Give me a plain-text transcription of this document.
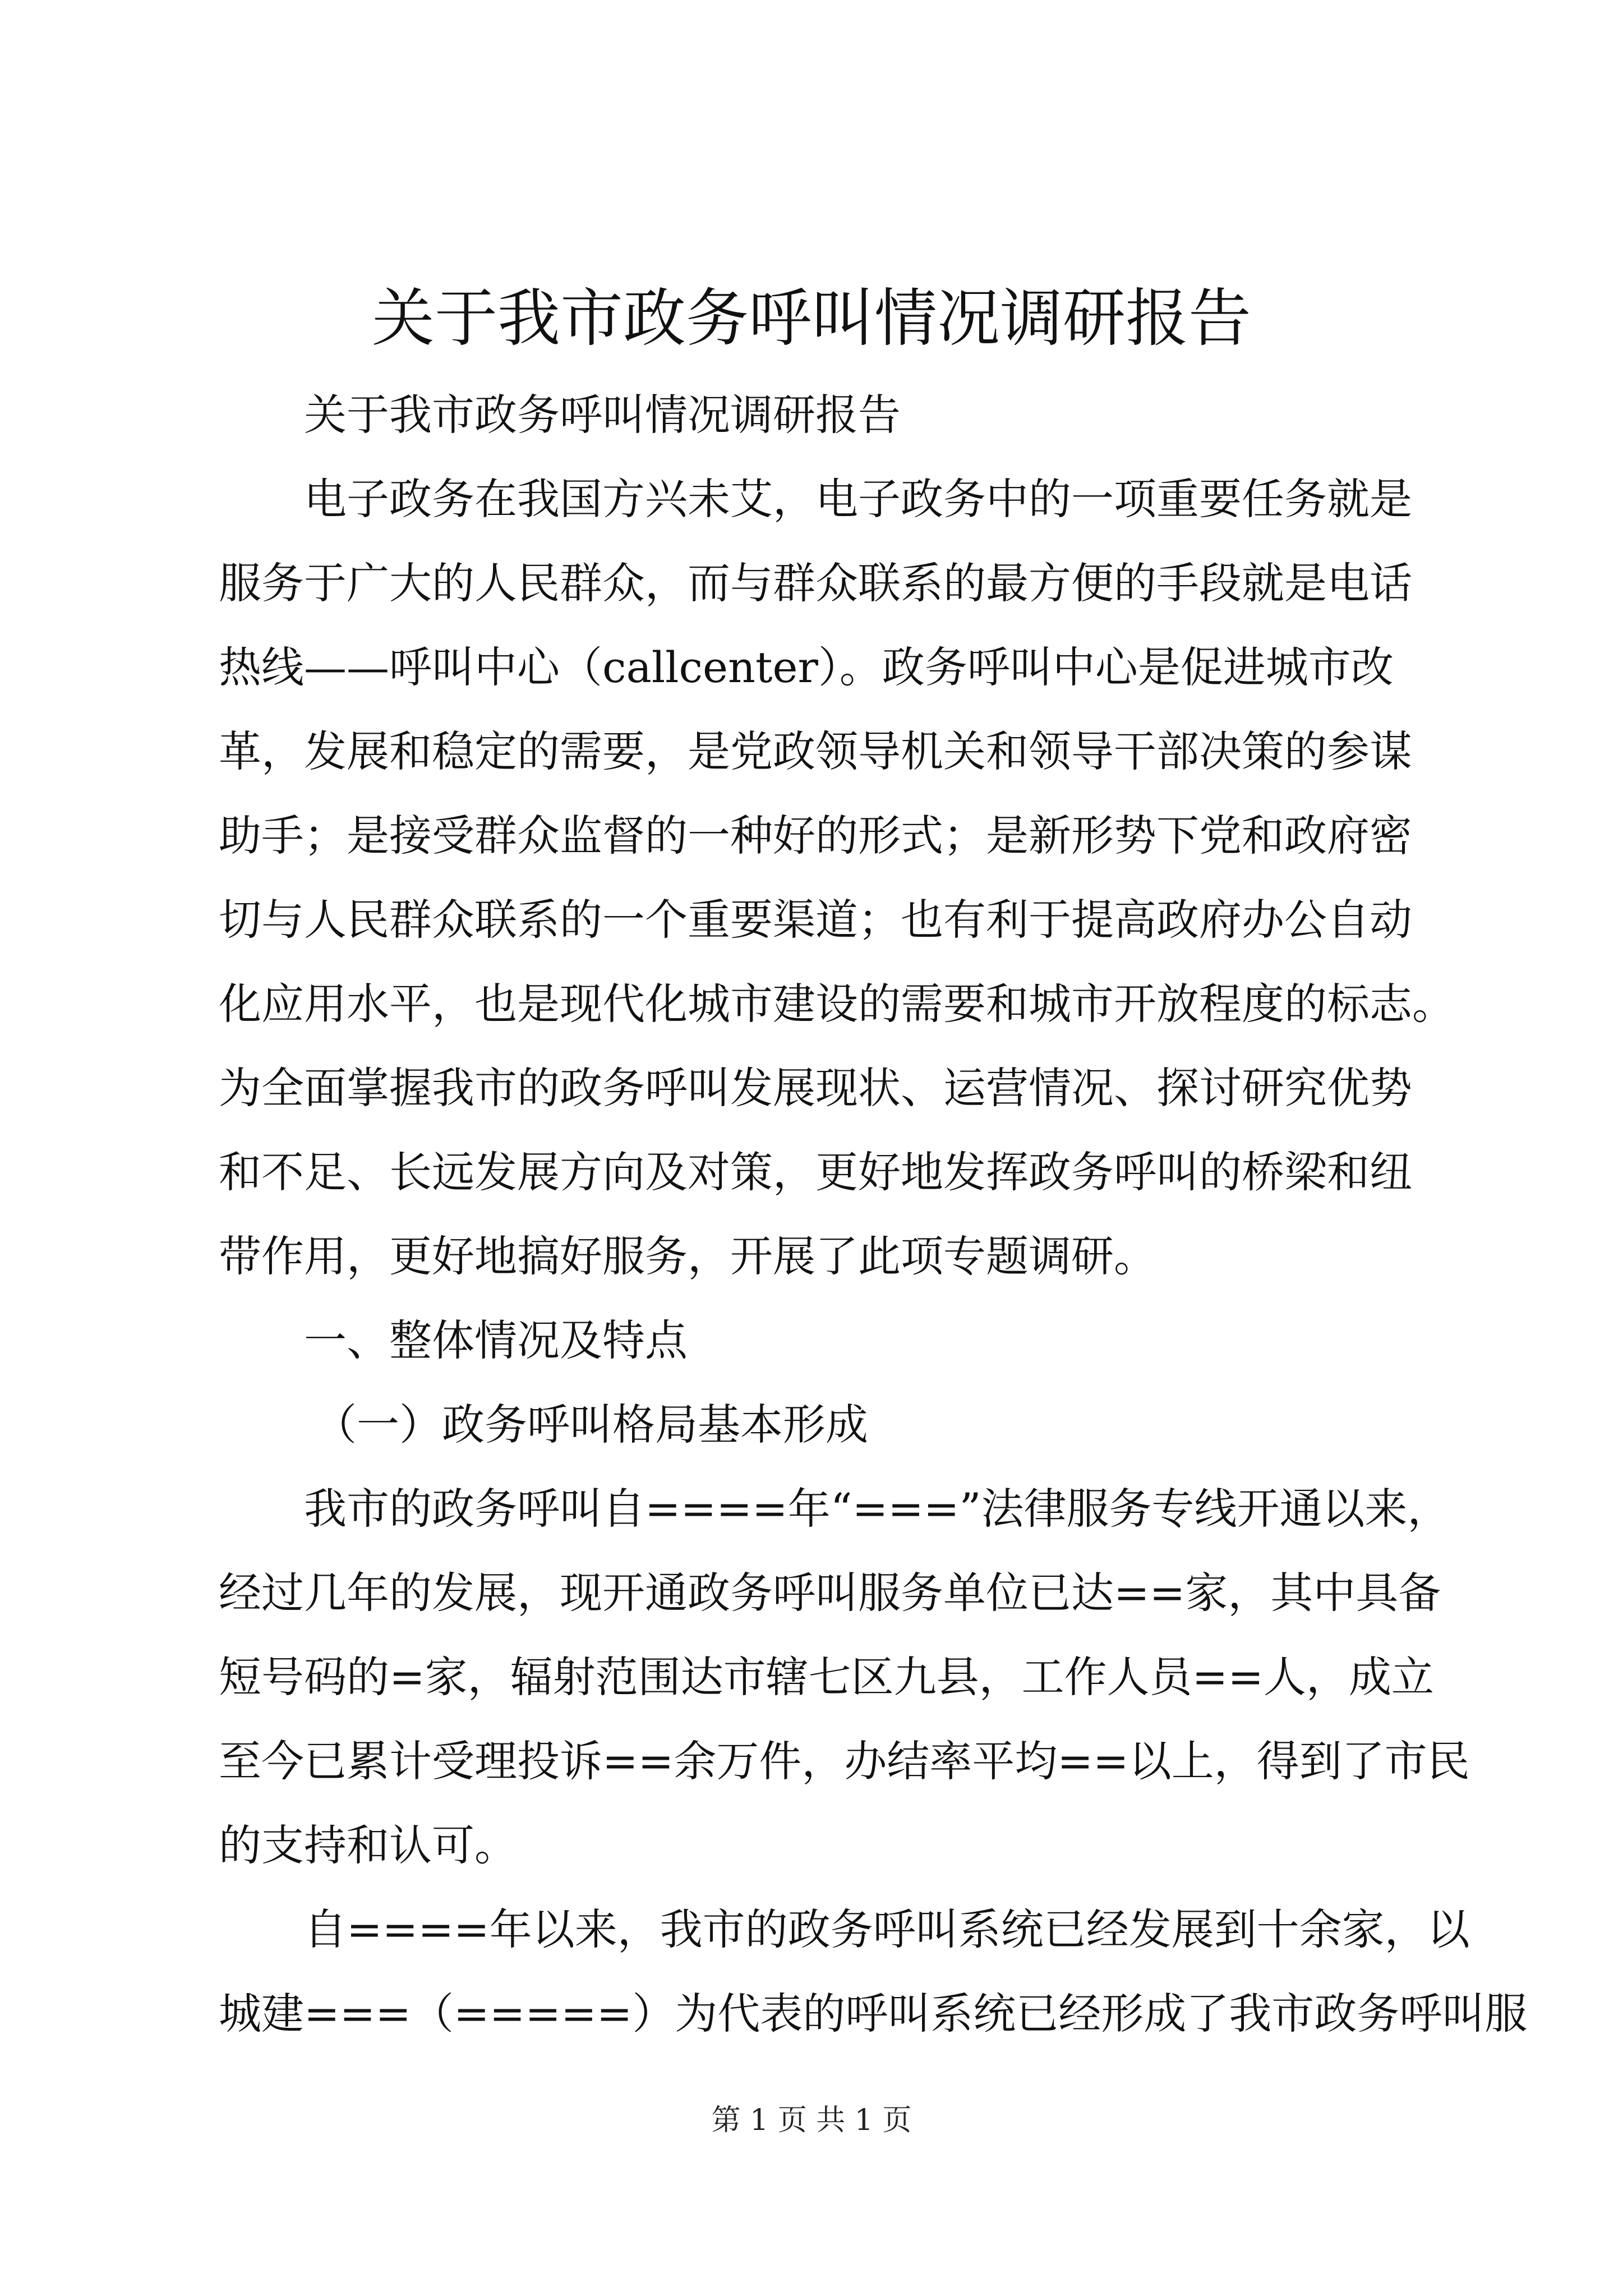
关于我市政务呼叫情况调研报告

关于我市政务呼叫情况调研报告

电子政务在我国方兴未艾，电子政务中的一项重要任务就是

服务于广大的人民群众，而与群众联系的最方便的手段就是电话

热线——呼叫中心（callcenter）。政务呼叫中心是促进城市改

革，发展和稳定的需要，是党政领导机关和领导干部决策的参谋

助手；是接受群众监督的一种好的形式；是新形势下党和政府密

切与人民群众联系的一个重要渠道；也有利于提高政府办公自动

化应用水平，也是现代化城市建设的需要和城市开放程度的标志。

为全面掌握我市的政务呼叫发展现状、运营情况、探讨研究优势

和不足、长远发展方向及对策，更好地发挥政务呼叫的桥梁和纽

带作用，更好地搞好服务，开展了此项专题调研。

一、整体情况及特点

（一）政务呼叫格局基本形成

我市的政务呼叫自====年“===”法律服务专线开通以来，

经过几年的发展，现开通政务呼叫服务单位已达==家，其中具备

短号码的=家，辐射范围达市辖七区九县，工作人员==人，成立

至今已累计受理投诉==余万件，办结率平均==以上，得到了市民

的支持和认可。

自====年以来，我市的政务呼叫系统已经发展到十余家，以

城建===（=====）为代表的呼叫系统已经形成了我市政务呼叫服

第 1 页 共 1 页
